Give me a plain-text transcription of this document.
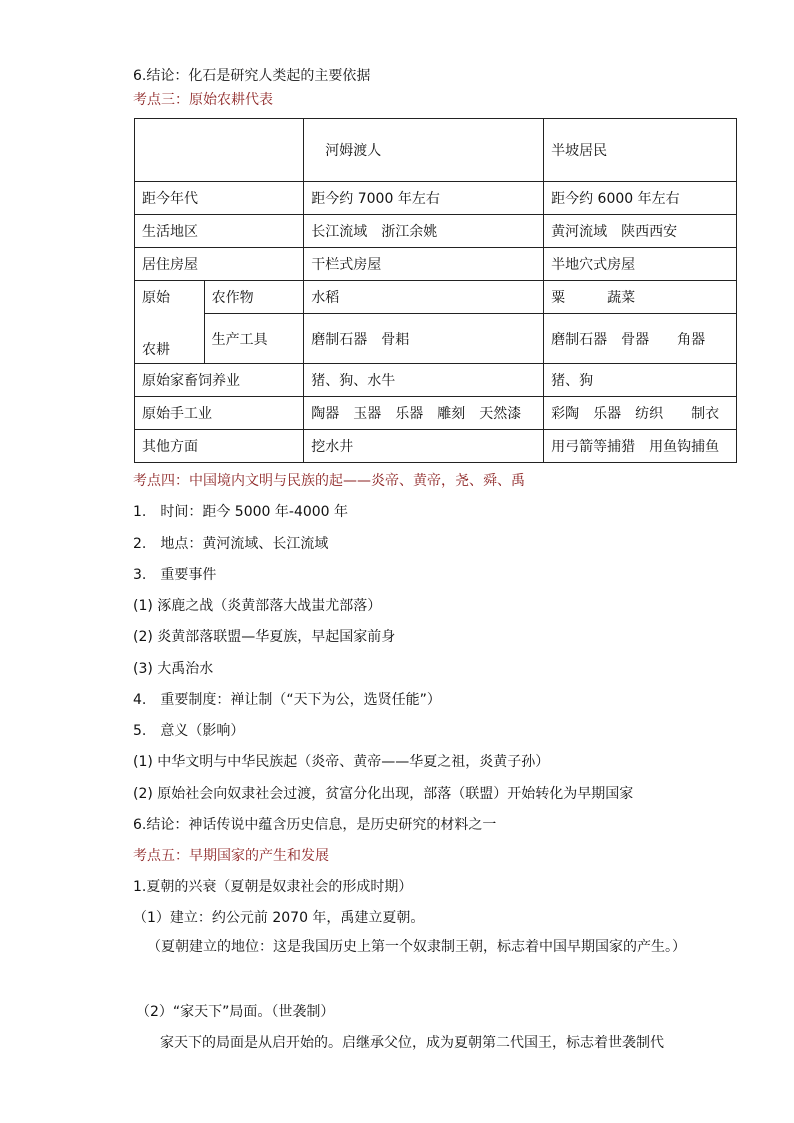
6.结论：化石是研究人类起的主要依据
考点三：原始农耕代表
		河姆渡人	半坡居民
距今年代		距今约 7000 年左右	距今约 6000 年左右
生活地区		长江流域　浙江余姚	黄河流域　陕西西安
居住房屋		干栏式房屋	半地穴式房屋

原始
农耕	农作物	水稻	粟　　　蔬菜
	生产工具	磨制石器　骨耜	磨制石器　骨器　　角器
原始家畜饲养业		猪、狗、水牛	猪、狗
原始手工业		陶器　玉器　乐器　雕刻　天然漆	彩陶　乐器　纺织　　制衣
其他方面		挖水井	用弓箭等捕猎　用鱼钩捕鱼
考点四：中国境内文明与民族的起——炎帝、黄帝，尧、舜、禹
1.　时间：距今 5000 年-4000 年
2.　地点：黄河流域、长江流域
3.　重要事件
(1) 涿鹿之战（炎黄部落大战蚩尤部落）
(2) 炎黄部落联盟—华夏族，早起国家前身
(3) 大禹治水
4.　重要制度：禅让制（“天下为公，选贤任能”）
5.　意义（影响）
(1) 中华文明与中华民族起（炎帝、黄帝——华夏之祖，炎黄子孙）
(2) 原始社会向奴隶社会过渡，贫富分化出现，部落（联盟）开始转化为早期国家
6.结论：神话传说中蕴含历史信息，是历史研究的材料之一
考点五：早期国家的产生和发展
1.夏朝的兴衰（夏朝是奴隶社会的形成时期）
（1）建立：约公元前 2070 年，禹建立夏朝。
（夏朝建立的地位：这是我国历史上第一个奴隶制王朝，标志着中国早期国家的产生。）
（2）“家天下”局面。（世袭制）
家天下的局面是从启开始的。启继承父位，成为夏朝第二代国王，标志着世袭制代
